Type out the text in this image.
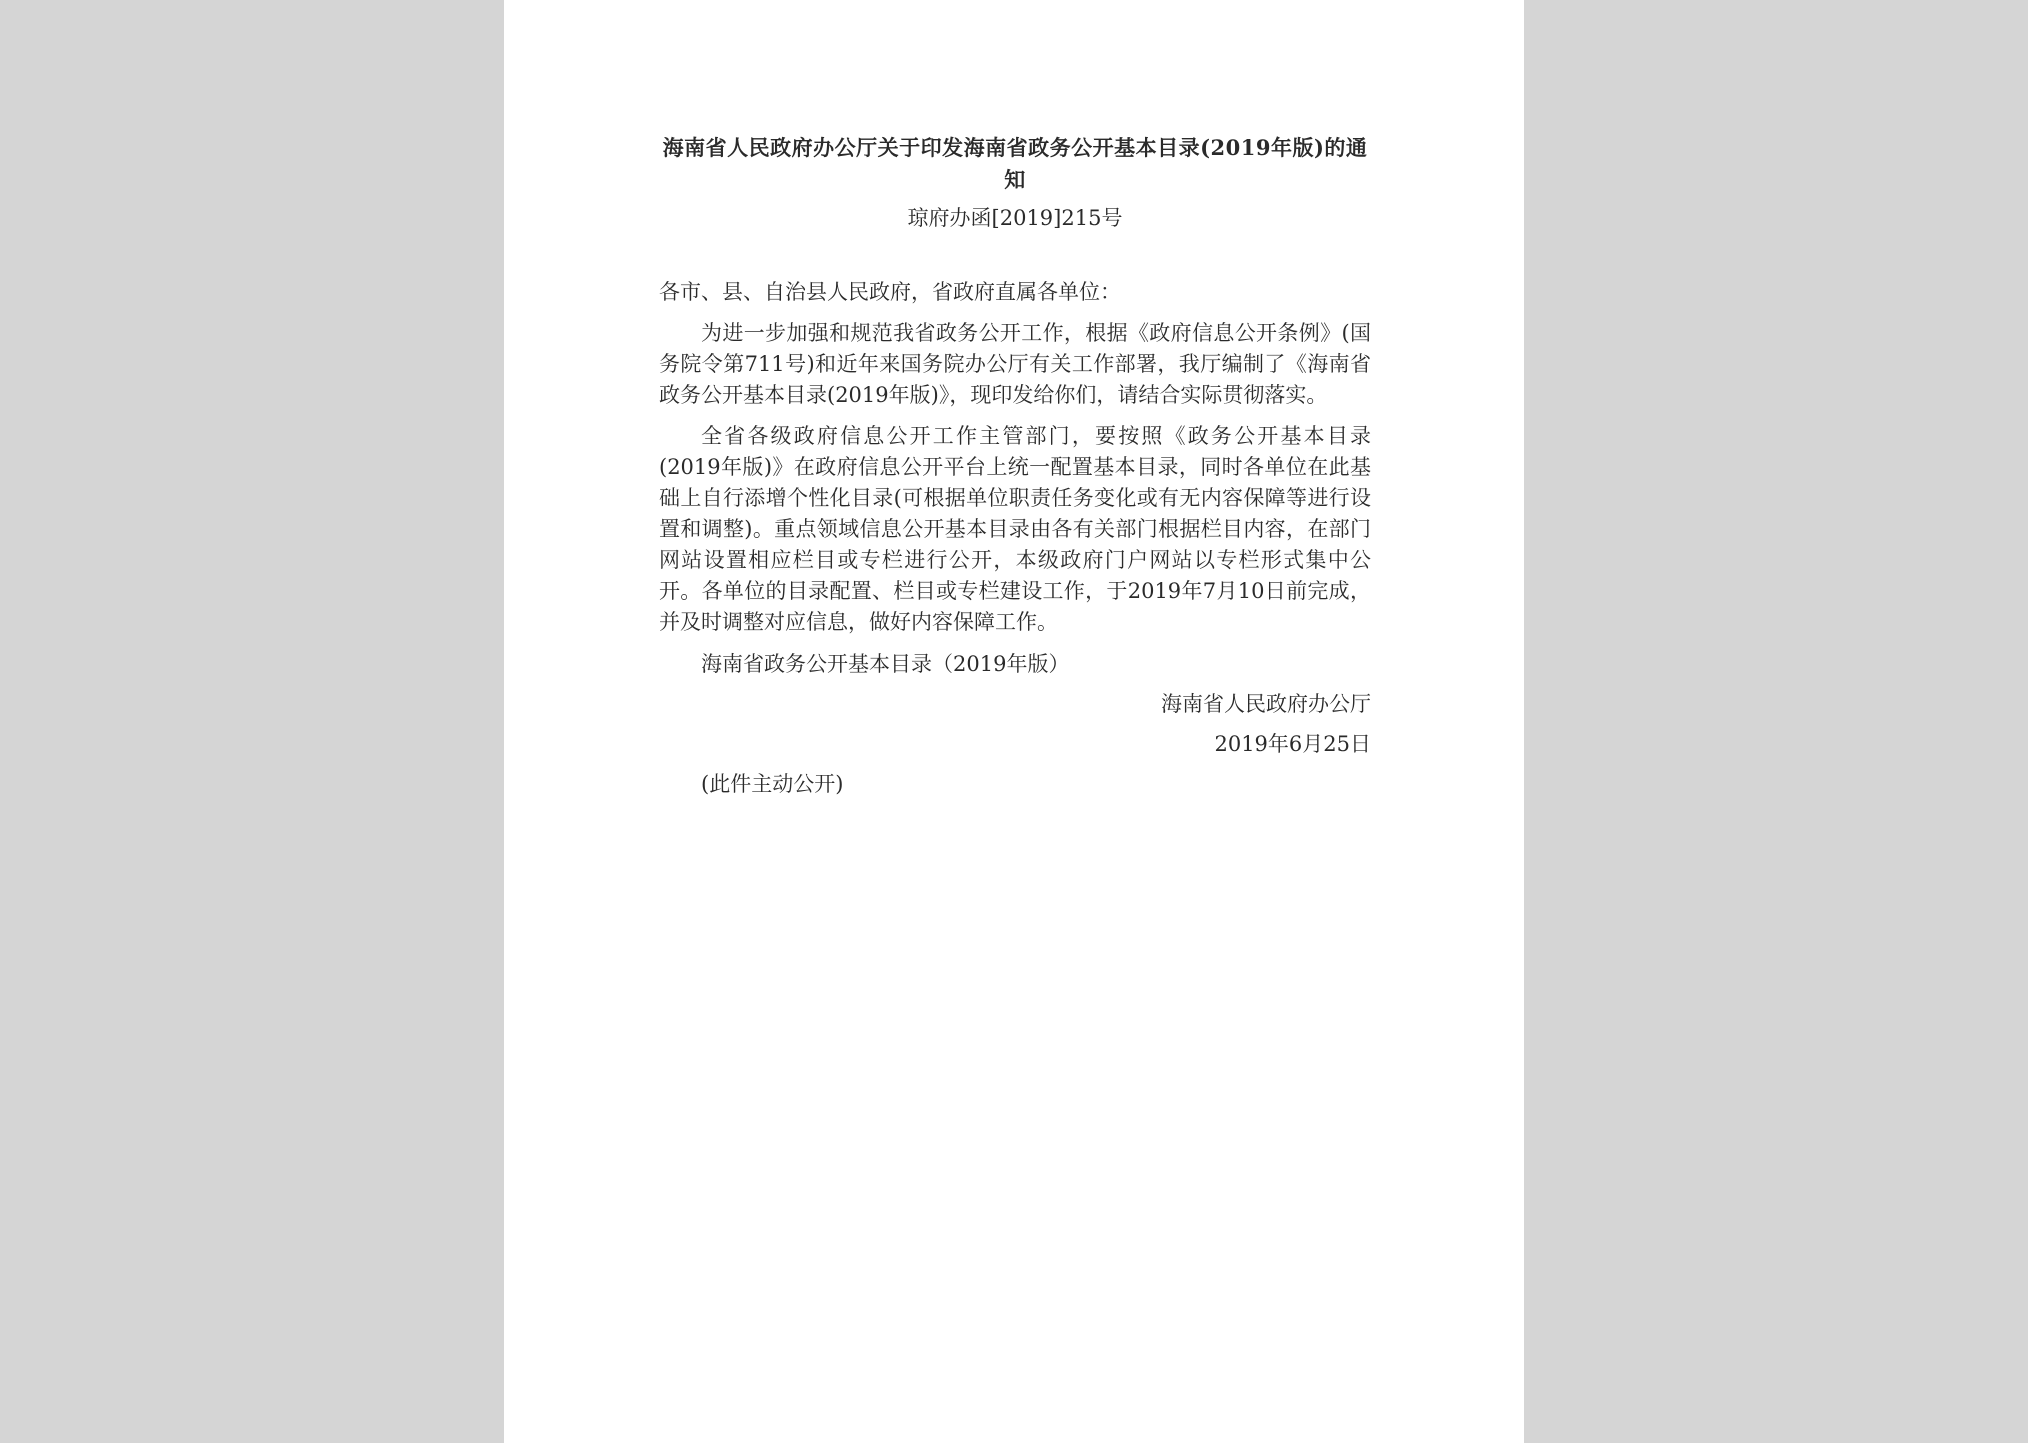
海南省人民政府办公厅关于印发海南省政务公开基本目录(2019年版)的通知

琼府办函[2019]215号

各市、县、自治县人民政府，省政府直属各单位：

为进一步加强和规范我省政务公开工作，根据《政府信息公开条例》(国务院令第711号)和近年来国务院办公厅有关工作部署，我厅编制了《海南省政务公开基本目录(2019年版)》，现印发给你们，请结合实际贯彻落实。

全省各级政府信息公开工作主管部门，要按照《政务公开基本目录(2019年版)》在政府信息公开平台上统一配置基本目录，同时各单位在此基础上自行添增个性化目录(可根据单位职责任务变化或有无内容保障等进行设置和调整)。重点领域信息公开基本目录由各有关部门根据栏目内容，在部门网站设置相应栏目或专栏进行公开，本级政府门户网站以专栏形式集中公开。各单位的目录配置、栏目或专栏建设工作，于2019年7月10日前完成，并及时调整对应信息，做好内容保障工作。

海南省政务公开基本目录（2019年版）

海南省人民政府办公厅

2019年6月25日

(此件主动公开)
